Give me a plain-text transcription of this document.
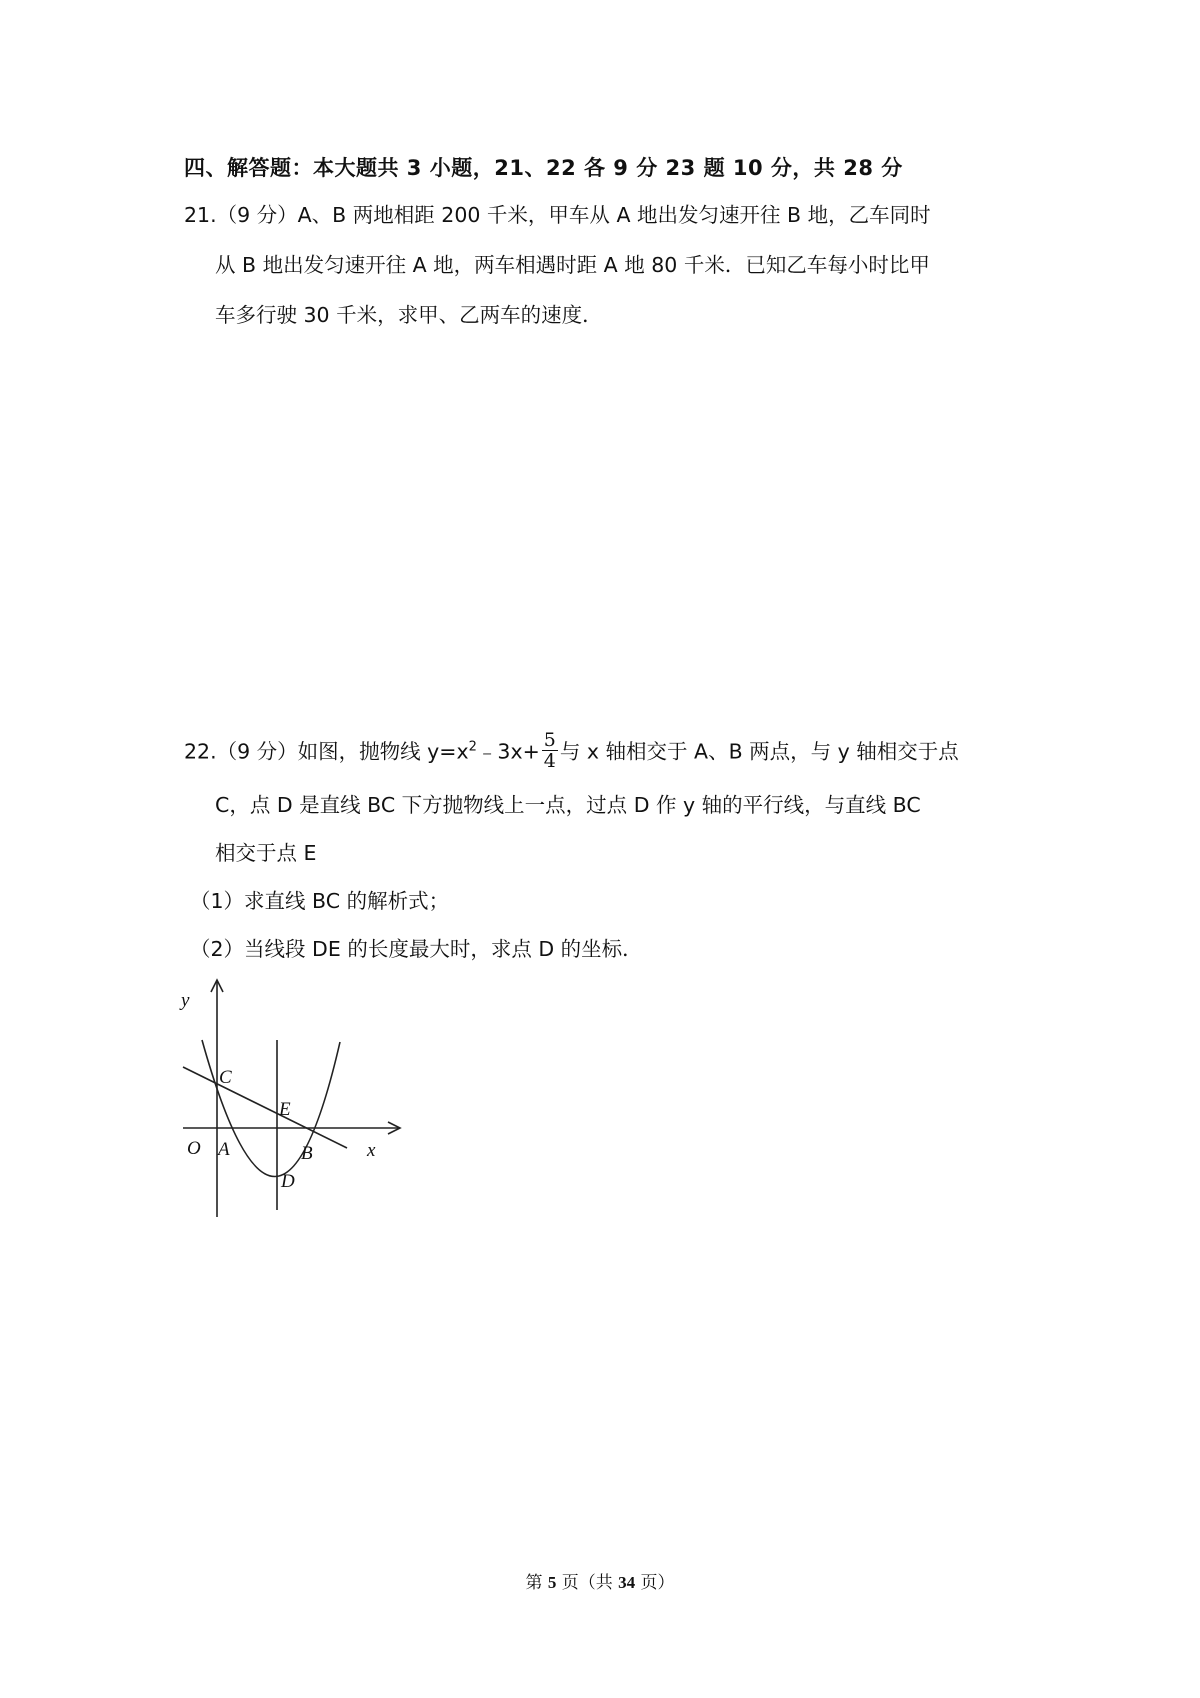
四、解答题：本大题共 3 小题，21、22 各 9 分 23 题 10 分，共 28 分
21.（9 分）A、B 两地相距 200 千米，甲车从 A 地出发匀速开往 B 地，乙车同时
从 B 地出发匀速开往 A 地，两车相遇时距 A 地 80 千米．已知乙车每小时比甲
车多行驶 30 千米，求甲、乙两车的速度．
22.（9 分）如图，抛物线 $y=x^2﹣3x+ \frac{5}{4}$ 与 x 轴相交于 A、B 两点，与 y 轴相交于点
C，点 D 是直线 BC 下方抛物线上一点，过点 D 作 y 轴的平行线，与直线 BC
相交于点 E
（1）求直线 BC 的解析式；
（2）当线段 DE 的长度最大时，求点 D 的坐标．
y
x
O A	B
C
D
E
第 5 页（共 34 页）
